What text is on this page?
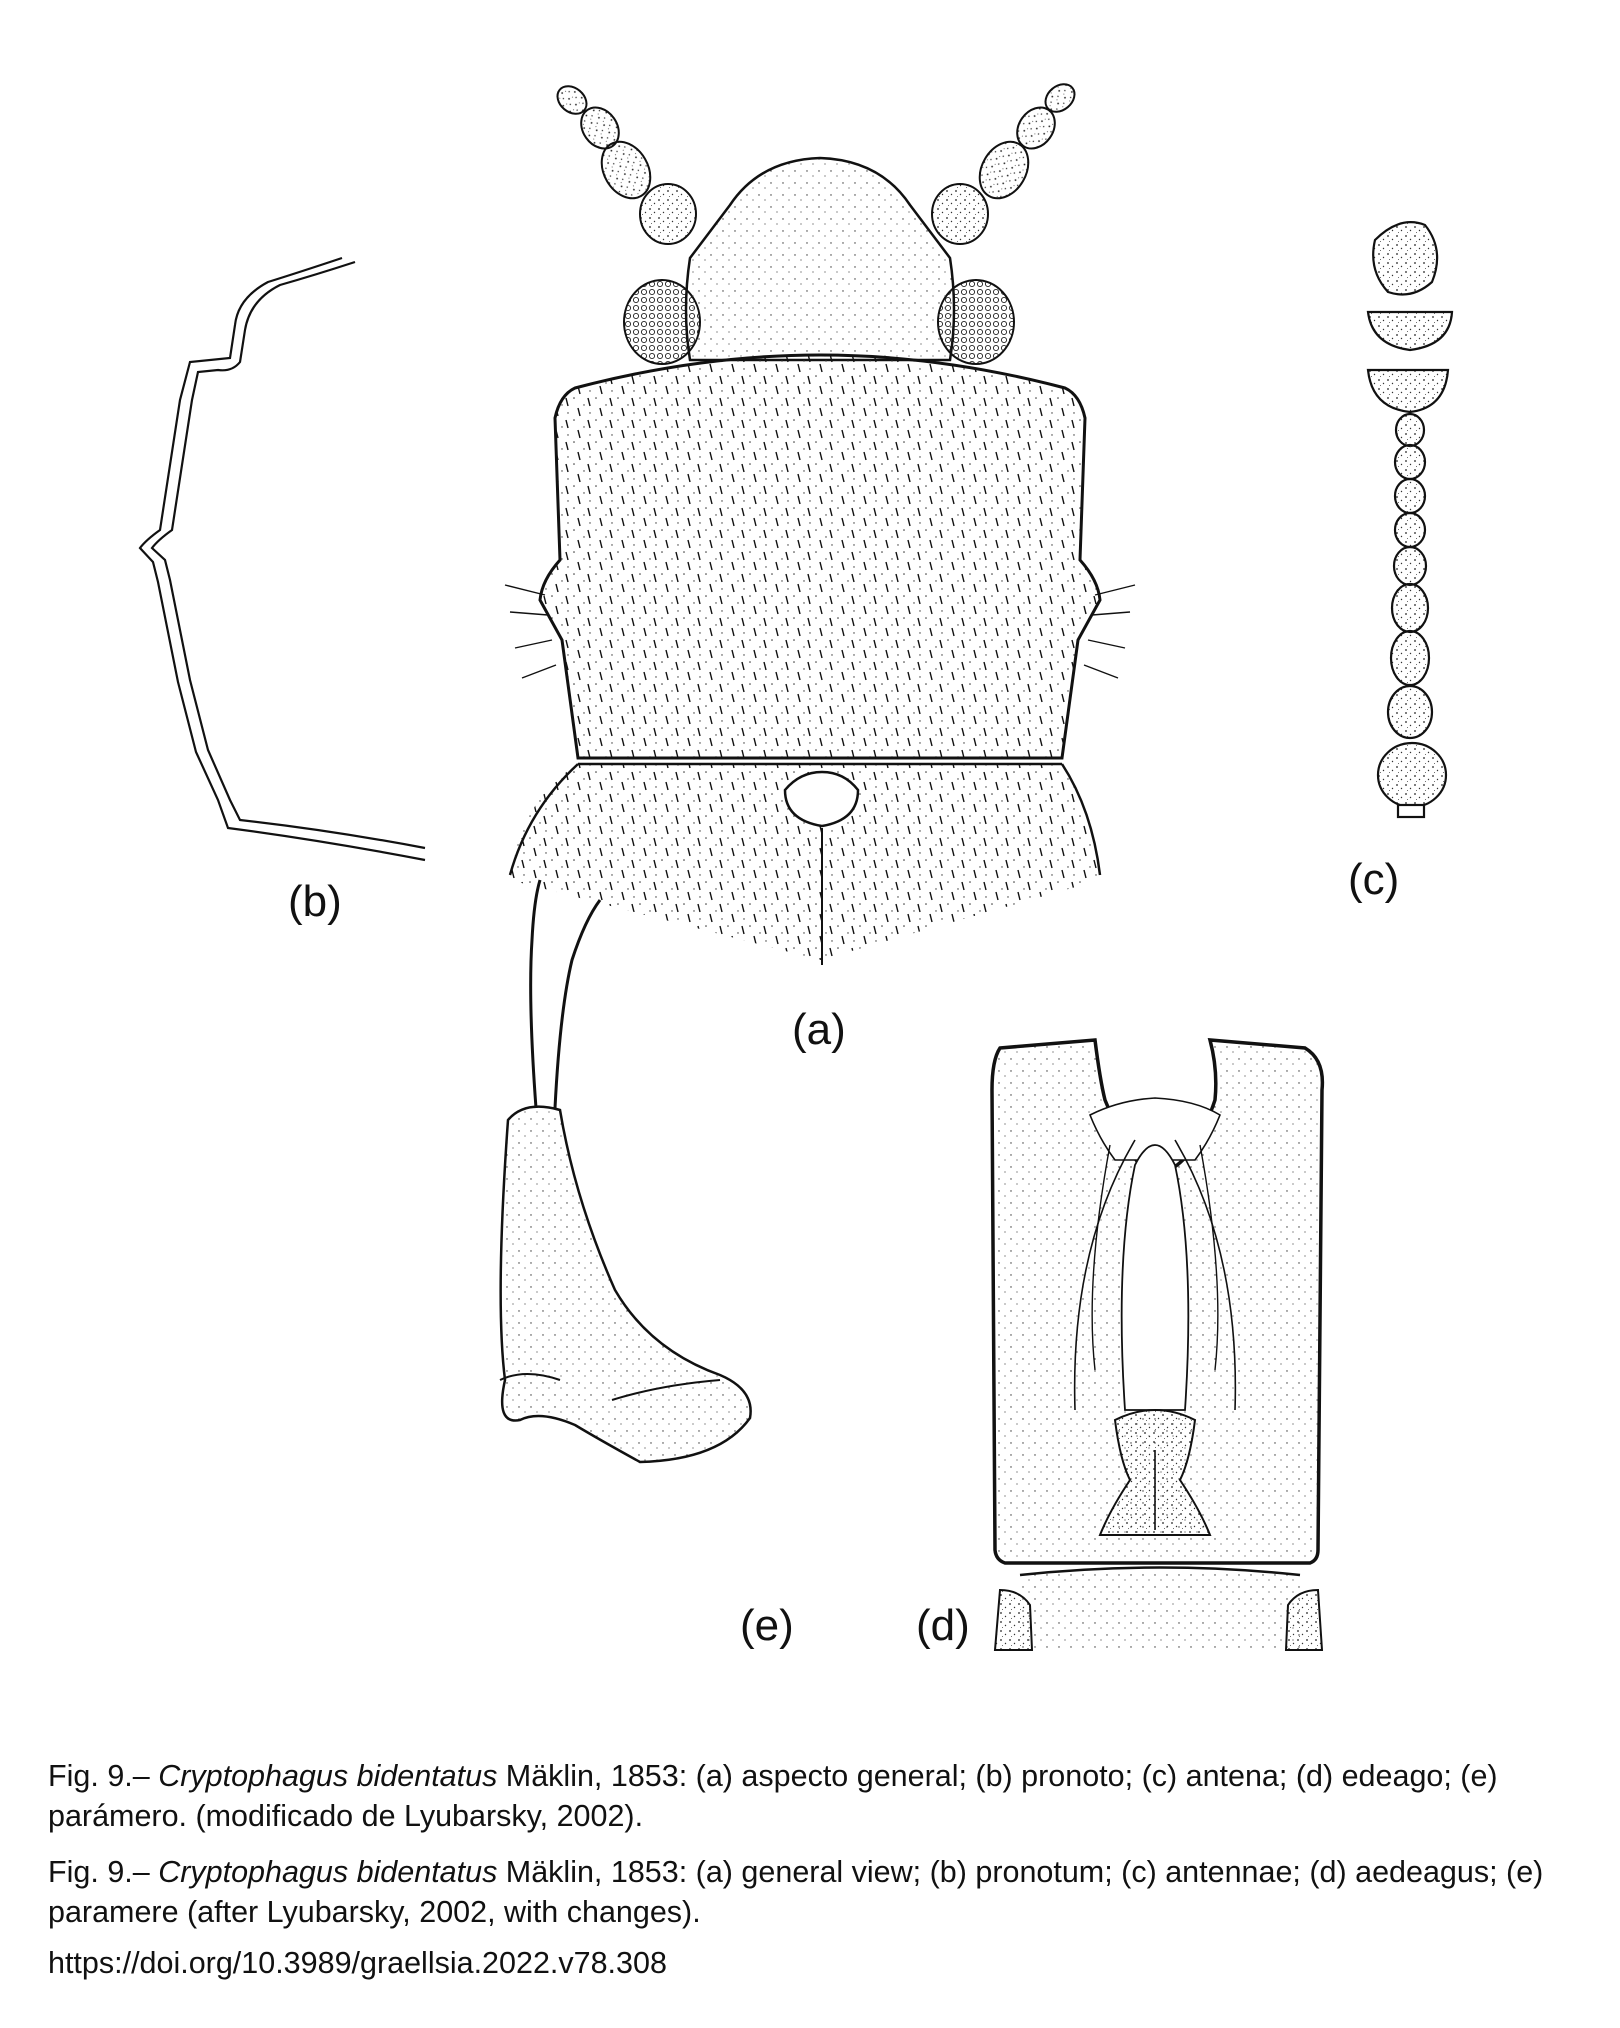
(b)	(c)
(a)
(e)	(d)
Fig. 9.– Cryptophagus bidentatus Mäklin, 1853: (a) aspecto general; (b) pronoto; (c) antena; (d) edeago; (e) parámero. (modificado de Lyubarsky, 2002).
Fig. 9.– Cryptophagus bidentatus Mäklin, 1853: (a) general view; (b) pronotum; (c) antennae; (d) aedeagus; (e) paramere (after Lyubarsky, 2002, with changes).
https://doi.org/10.3989/graellsia.2022.v78.308
